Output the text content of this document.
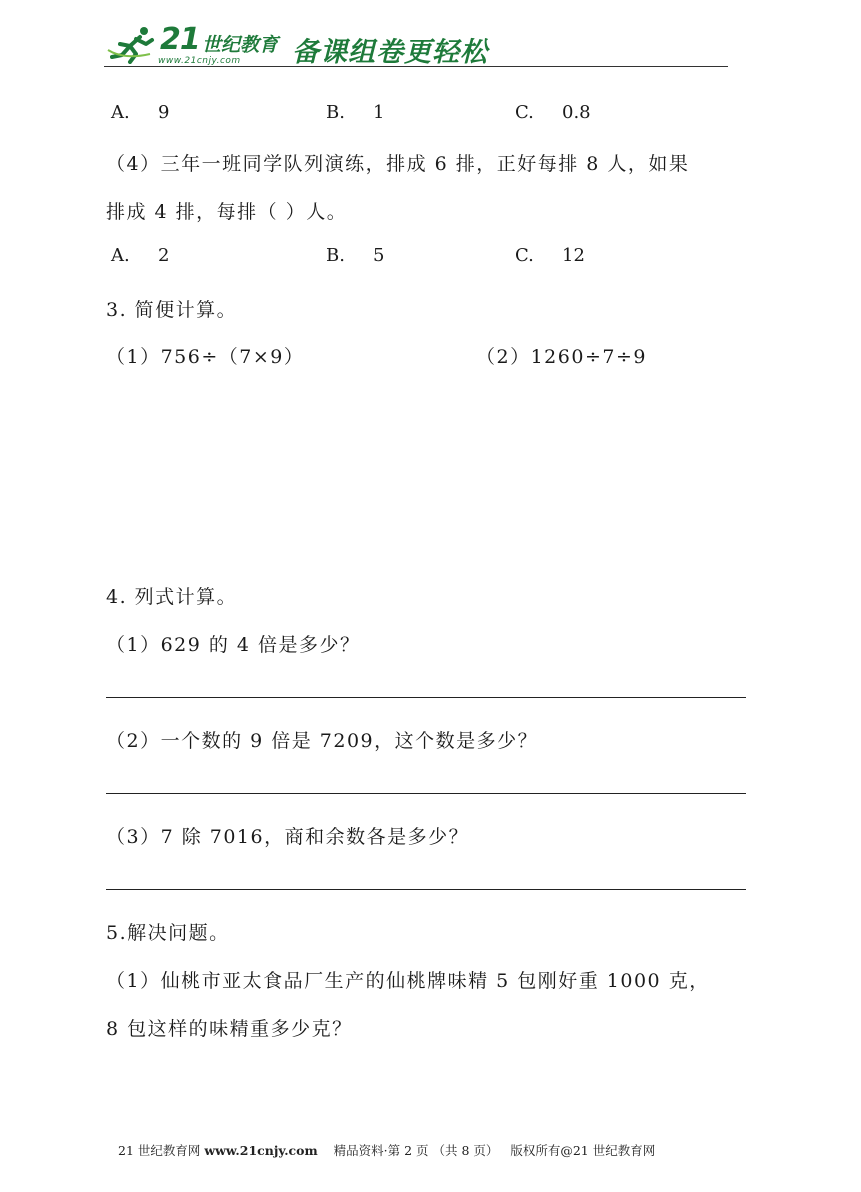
21 世纪教育
www.21cnjy.com 备课组卷更轻松
A. 9	B. 1	C. 0.8
（4）三年一班同学队列演练，排成 6 排，正好每排 8 人，如果
排成 4 排，每排（ ）人。
A. 2	B. 5	C. 12
3. 简便计算。
（1）756÷（7×9）	（2）1260÷7÷9
4. 列式计算。
（1）629 的 4 倍是多少？
（2）一个数的 9 倍是 7209，这个数是多少？
（3）7 除 7016，商和余数各是多少？
5.解决问题。
（1）仙桃市亚太食品厂生产的仙桃牌味精 5 包刚好重 1000 克，
8 包这样的味精重多少克？
21 世纪教育网 www.21cnjy.com 精品资料·第 2 页 （共 8 页） 版权所有@21 世纪教育网
